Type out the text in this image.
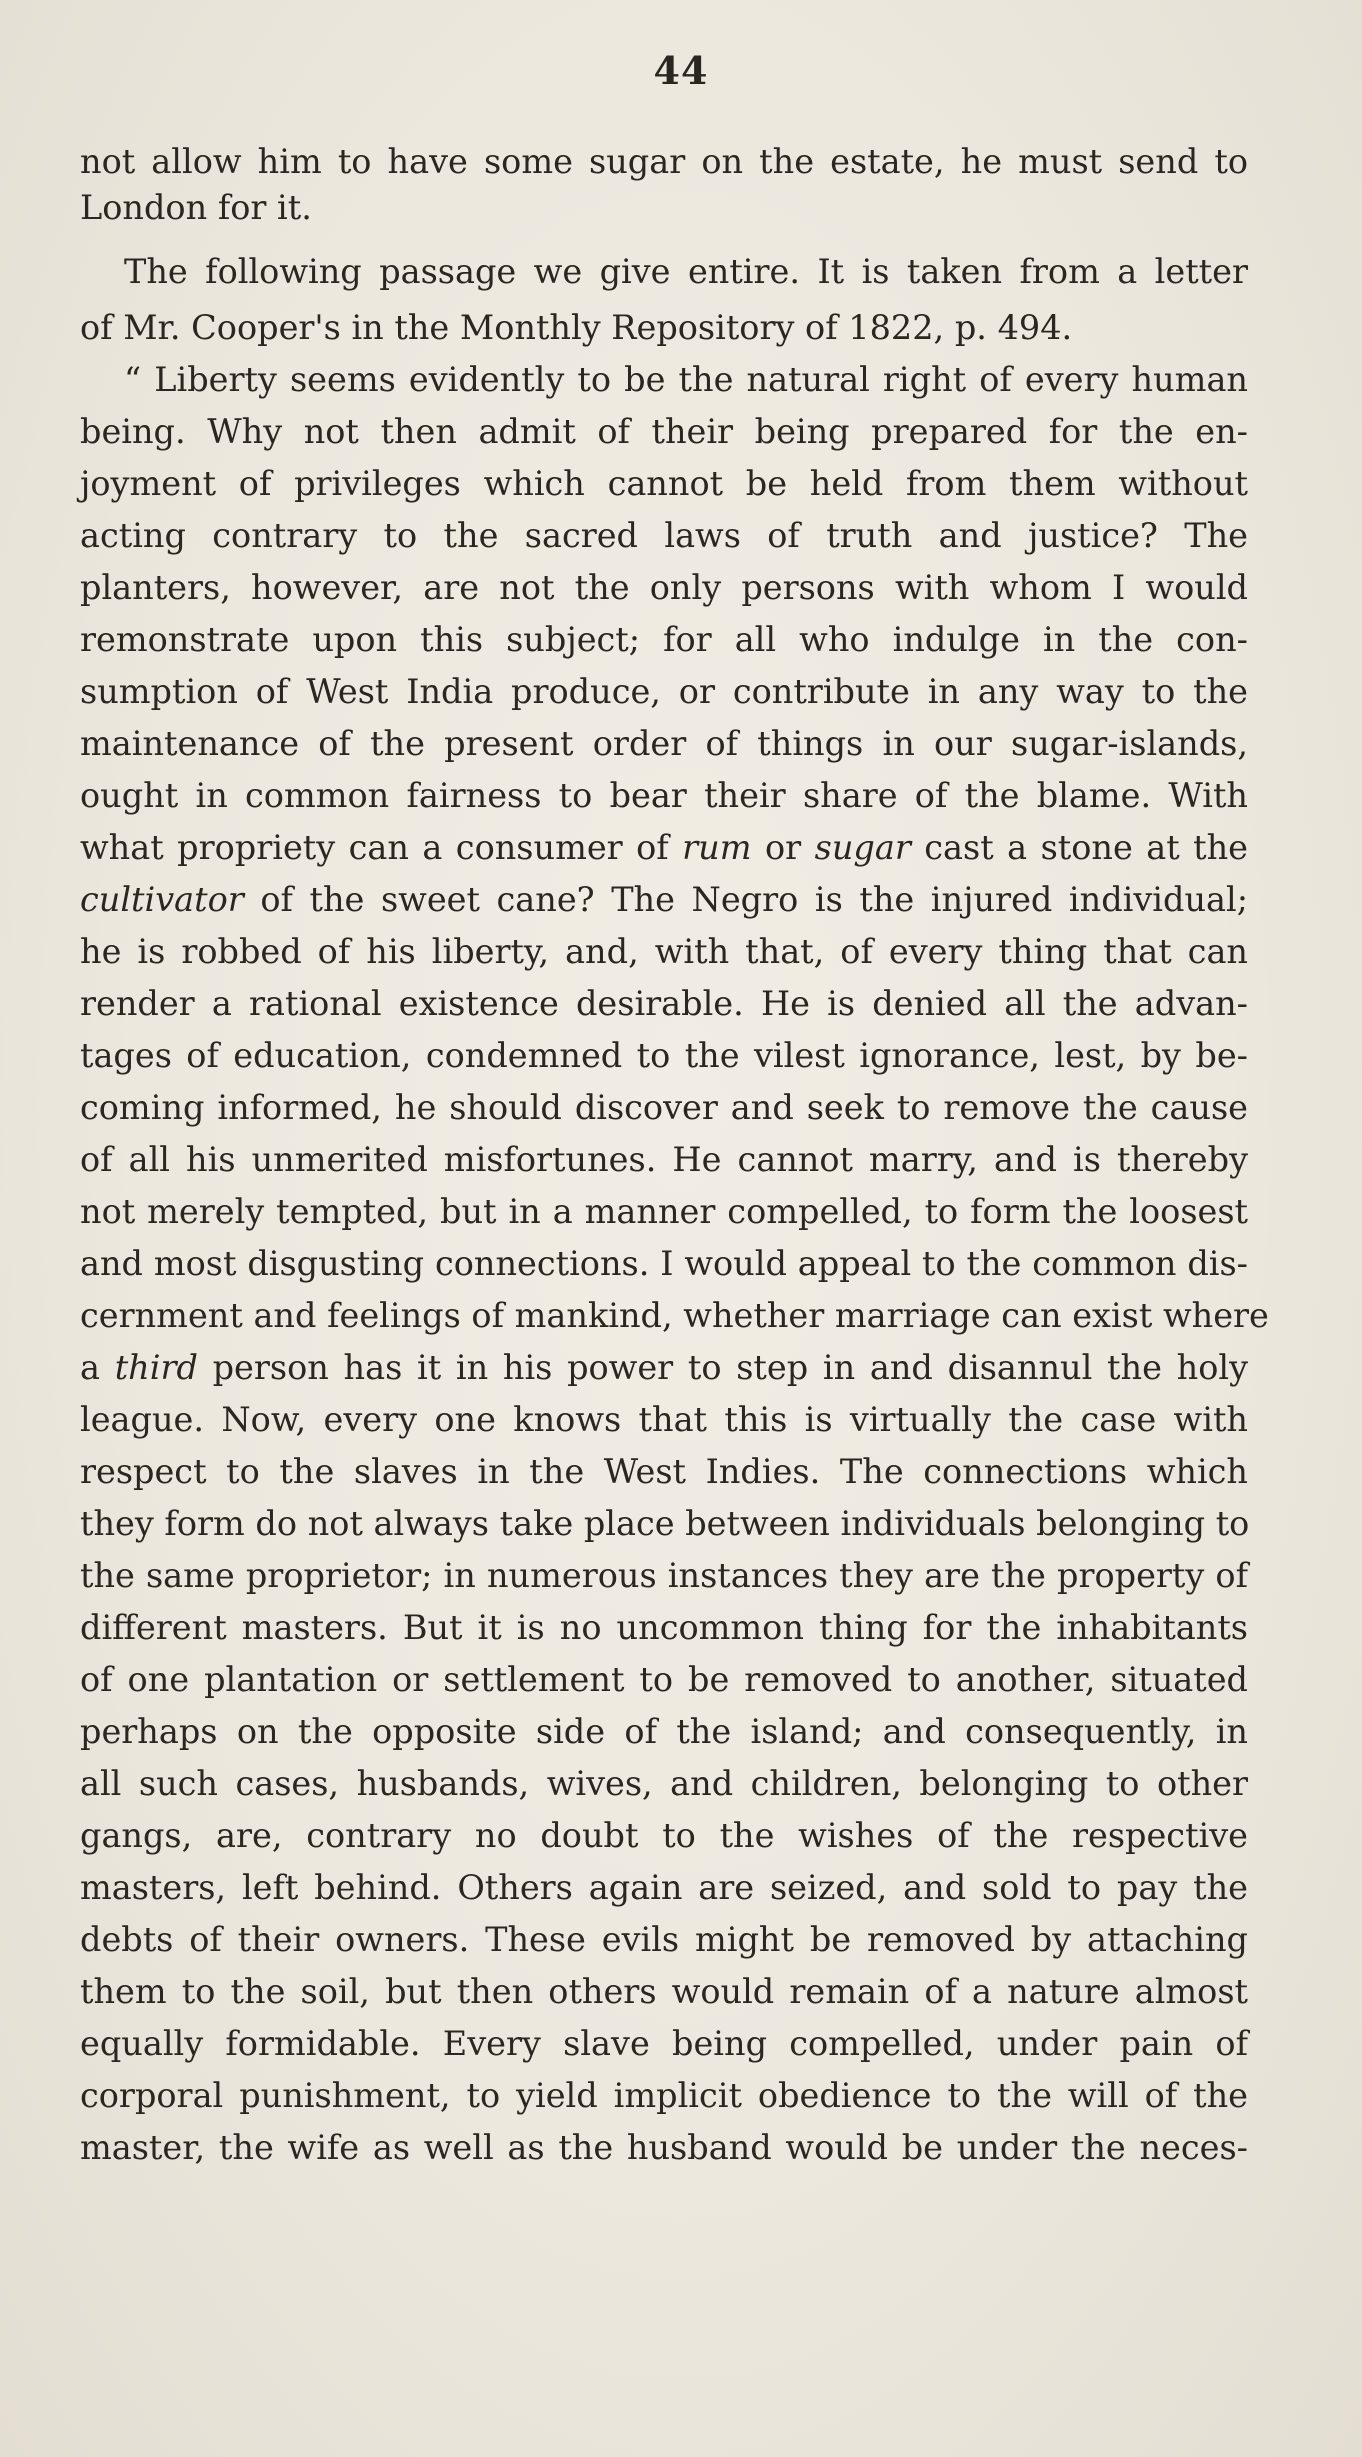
44
not allow him to have some sugar on the estate, he must send to
London for it.
The following passage we give entire. It is taken from a letter
of Mr. Cooper's in the Monthly Repository of 1822, p. 494.
“ Liberty seems evidently to be the natural right of every human
being. Why not then admit of their being prepared for the en-
joyment of privileges which cannot be held from them without
acting contrary to the sacred laws of truth and justice? The
planters, however, are not the only persons with whom I would
remonstrate upon this subject; for all who indulge in the con-
sumption of West India produce, or contribute in any way to the
maintenance of the present order of things in our sugar-islands,
ought in common fairness to bear their share of the blame. With
what propriety can a consumer of rum or sugar cast a stone at the
cultivator of the sweet cane? The Negro is the injured individual;
he is robbed of his liberty, and, with that, of every thing that can
render a rational existence desirable. He is denied all the advan-
tages of education, condemned to the vilest ignorance, lest, by be-
coming informed, he should discover and seek to remove the cause
of all his unmerited misfortunes. He cannot marry, and is thereby
not merely tempted, but in a manner compelled, to form the loosest
and most disgusting connections. I would appeal to the common dis-
cernment and feelings of mankind, whether marriage can exist where
a third person has it in his power to step in and disannul the holy
league. Now, every one knows that this is virtually the case with
respect to the slaves in the West Indies. The connections which
they form do not always take place between individuals belonging to
the same proprietor; in numerous instances they are the property of
different masters. But it is no uncommon thing for the inhabitants
of one plantation or settlement to be removed to another, situated
perhaps on the opposite side of the island; and consequently, in
all such cases, husbands, wives, and children, belonging to other
gangs, are, contrary no doubt to the wishes of the respective
masters, left behind. Others again are seized, and sold to pay the
debts of their owners. These evils might be removed by attaching
them to the soil, but then others would remain of a nature almost
equally formidable. Every slave being compelled, under pain of
corporal punishment, to yield implicit obedience to the will of the
master, the wife as well as the husband would be under the neces-
